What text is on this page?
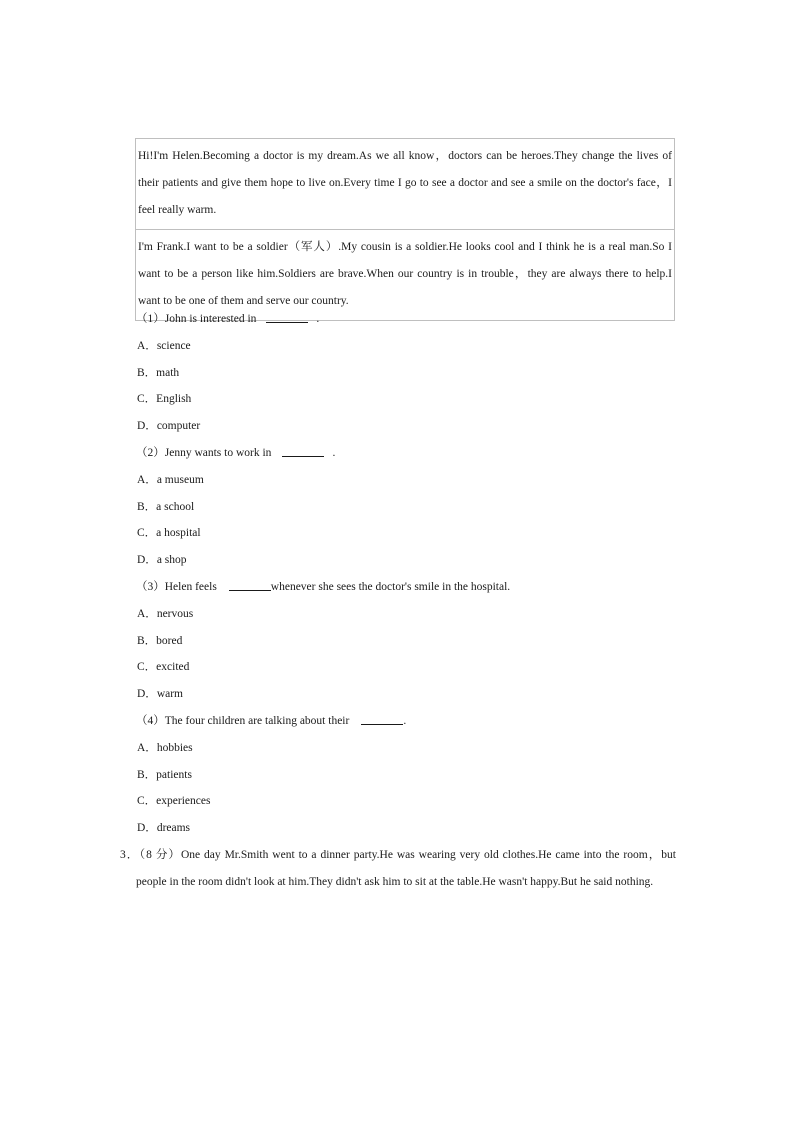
Hi!I'm Helen.Becoming a doctor is my dream.As we all know，doctors can be heroes.They change the lives of their patients and give them hope to live on.Every time I go to see a doctor and see a smile on the doctor's face，I feel really warm.
I'm Frank.I want to be a soldier（军人）.My cousin is a soldier.He looks cool and I think he is a real man.So I want to be a person like him.Soldiers are brave.When our country is in trouble，they are always there to help.I want to be one of them and serve our country.
（1）John is interested in	.
A．science
B．math
C．English
D．computer
（2）Jenny wants to work in	.
A．a museum
B．a school
C．a hospital
D．a shop
（3）Helen feels	whenever she sees the doctor's smile in the hospital.
A．nervous
B．bored
C．excited
D．warm
（4）The four children are talking about their	.
A．hobbies
B．patients
C．experiences
D．dreams
3．（8 分）One day Mr.Smith went to a dinner party.He was wearing very old clothes.He came into the room，but people in the room didn't look at him.They didn't ask him to sit at the table.He wasn't happy.But he said nothing.
